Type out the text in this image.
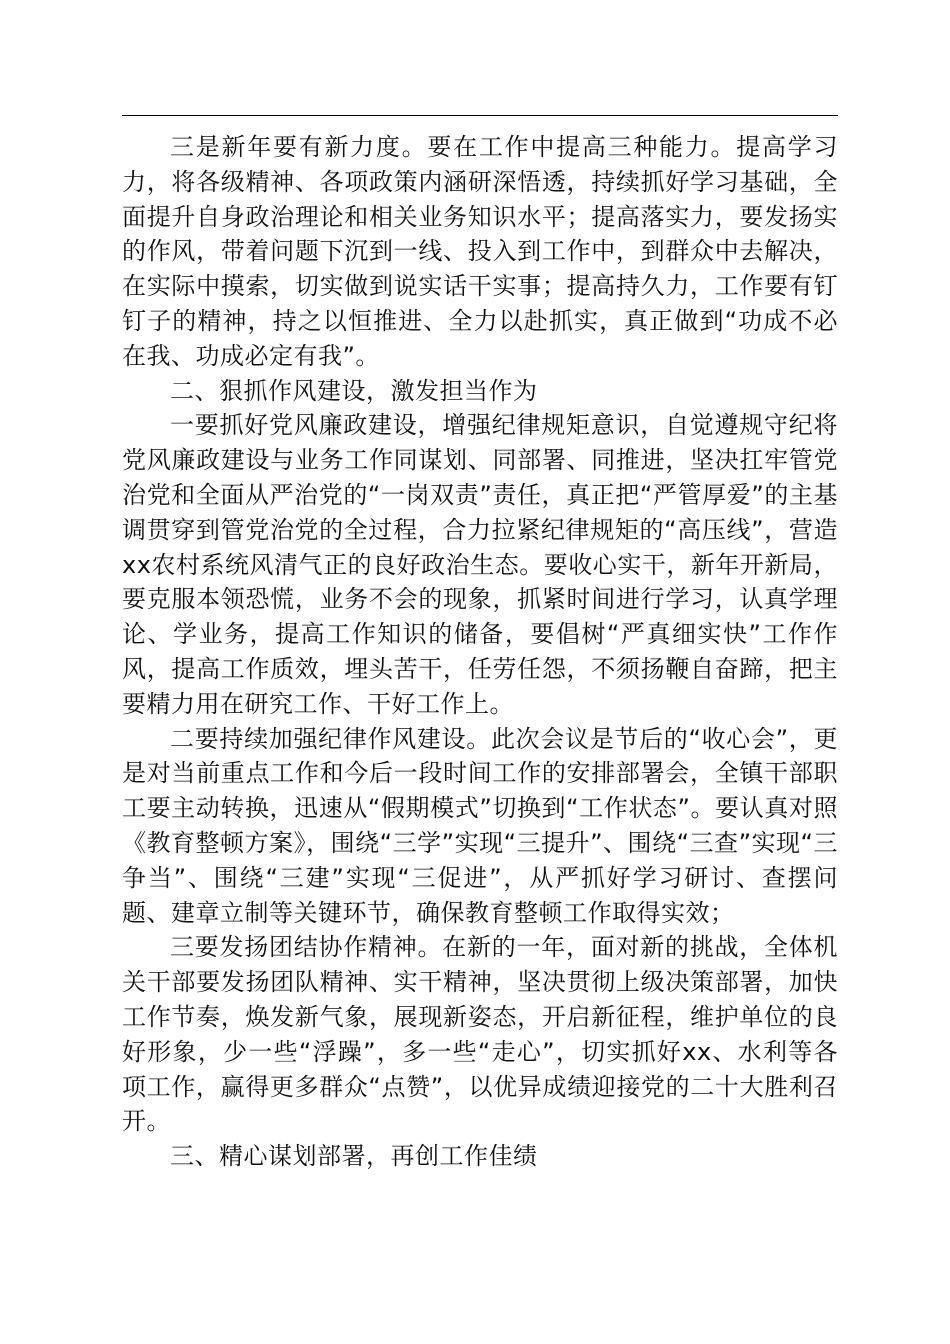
三是新年要有新力度。要在工作中提高三种能力。提高学习力，将各级精神、各项政策内涵研深悟透，持续抓好学习基础，全面提升自身政治理论和相关业务知识水平；提高落实力，要发扬实的作风，带着问题下沉到一线、投入到工作中，到群众中去解决，在实际中摸索，切实做到说实话干实事；提高持久力，工作要有钉钉子的精神，持之以恒推进、全力以赴抓实，真正做到“功成不必在我、功成必定有我”。

二、狠抓作风建设，激发担当作为

一要抓好党风廉政建设，增强纪律规矩意识，自觉遵规守纪将党风廉政建设与业务工作同谋划、同部署、同推进，坚决扛牢管党治党和全面从严治党的“一岗双责”责任，真正把“严管厚爱”的主基调贯穿到管党治党的全过程，合力拉紧纪律规矩的“高压线”，营造xx农村系统风清气正的良好政治生态。要收心实干，新年开新局，要克服本领恐慌，业务不会的现象，抓紧时间进行学习，认真学理论、学业务，提高工作知识的储备，要倡树“严真细实快”工作作风，提高工作质效，埋头苦干，任劳任怨，不须扬鞭自奋蹄，把主要精力用在研究工作、干好工作上。

二要持续加强纪律作风建设。此次会议是节后的“收心会”，更是对当前重点工作和今后一段时间工作的安排部署会，全镇干部职工要主动转换，迅速从“假期模式”切换到“工作状态”。要认真对照《教育整顿方案》，围绕“三学”实现“三提升”、围绕“三查”实现“三争当”、围绕“三建”实现“三促进”，从严抓好学习研讨、查摆问题、建章立制等关键环节，确保教育整顿工作取得实效；

三要发扬团结协作精神。在新的一年，面对新的挑战，全体机关干部要发扬团队精神、实干精神，坚决贯彻上级决策部署，加快工作节奏，焕发新气象，展现新姿态，开启新征程，维护单位的良好形象，少一些“浮躁”，多一些“走心”，切实抓好xx、水利等各项工作，赢得更多群众“点赞”，以优异成绩迎接党的二十大胜利召开。

三、精心谋划部署，再创工作佳绩
